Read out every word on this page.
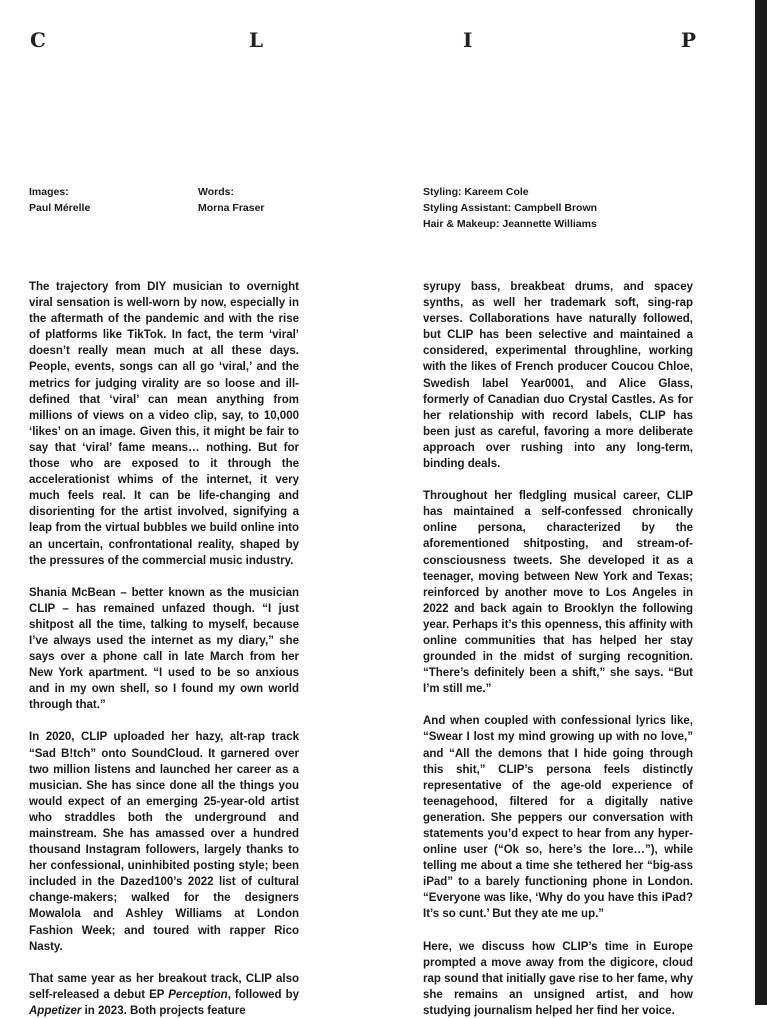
C	L	I	P
Images:
Paul Mérelle
Words:
Morna Fraser
Styling: Kareem Cole
Styling Assistant: Campbell Brown
Hair & Makeup: Jeannette Williams

The trajectory from DIY musician to overnight viral sensation is well-worn by now, especially in the aftermath of the pandemic and with the rise of platforms like TikTok. In fact, the term ‘viral’ doesn’t really mean much at all these days. People, events, songs can all go ‘viral,’ and the metrics for judging virality are so loose and ill-defined that ‘viral’ can mean anything from millions of views on a video clip, say, to 10,000 ‘likes’ on an image. Given this, it might be fair to say that ‘viral’ fame means… nothing. But for those who are exposed to it through the accelerationist whims of the internet, it very much feels real. It can be life-changing and disorienting for the artist involved, signifying a leap from the virtual bubbles we build online into an uncertain, confrontational reality, shaped by the pressures of the commercial music industry.

Shania McBean – better known as the musician CLIP – has remained unfazed though. “I just shitpost all the time, talking to myself, because I’ve always used the internet as my diary,” she says over a phone call in late March from her New York apartment. “I used to be so anxious and in my own shell, so I found my own world through that.”

In 2020, CLIP uploaded her hazy, alt-rap track “Sad B!tch” onto SoundCloud. It garnered over two million listens and launched her career as a musician. She has since done all the things you would expect of an emerging 25-year-old artist who straddles both the underground and mainstream. She has amassed over a hundred thousand Instagram followers, largely thanks to her confessional, uninhibited posting style; been included in the Dazed100’s 2022 list of cultural change-makers; walked for the designers Mowalola and Ashley Williams at London Fashion Week; and toured with rapper Rico Nasty.

That same year as her breakout track, CLIP also self-released a debut EP Perception, followed by Appetizer in 2023. Both projects feature

syrupy bass, breakbeat drums, and spacey synths, as well her trademark soft, sing-rap verses. Collaborations have naturally followed, but CLIP has been selective and maintained a considered, experimental throughline, working with the likes of French producer Coucou Chloe, Swedish label Year0001, and Alice Glass, formerly of Canadian duo Crystal Castles. As for her relationship with record labels, CLIP has been just as careful, favoring a more deliberate approach over rushing into any long-term, binding deals.

Throughout her fledgling musical career, CLIP has maintained a self-confessed chronically online persona, characterized by the aforementioned shitposting, and stream-of-consciousness tweets. She developed it as a teenager, moving between New York and Texas; reinforced by another move to Los Angeles in 2022 and back again to Brooklyn the following year. Perhaps it’s this openness, this affinity with online communities that has helped her stay grounded in the midst of surging recognition. “There’s definitely been a shift,” she says. “But I’m still me.”

And when coupled with confessional lyrics like, “Swear I lost my mind growing up with no love,” and “All the demons that I hide going through this shit,” CLIP’s persona feels distinctly representative of the age-old experience of teenagehood, filtered for a digitally native generation. She peppers our conversation with statements you’d expect to hear from any hyper-online user (“Ok so, here’s the lore…”), while telling me about a time she tethered her “big-ass iPad” to a barely functioning phone in London. “Everyone was like, ‘Why do you have this iPad? It’s so cunt.’ But they ate me up.”

Here, we discuss how CLIP’s time in Europe prompted a move away from the digicore, cloud rap sound that initially gave rise to her fame, why she remains an unsigned artist, and how studying journalism helped her find her voice.
